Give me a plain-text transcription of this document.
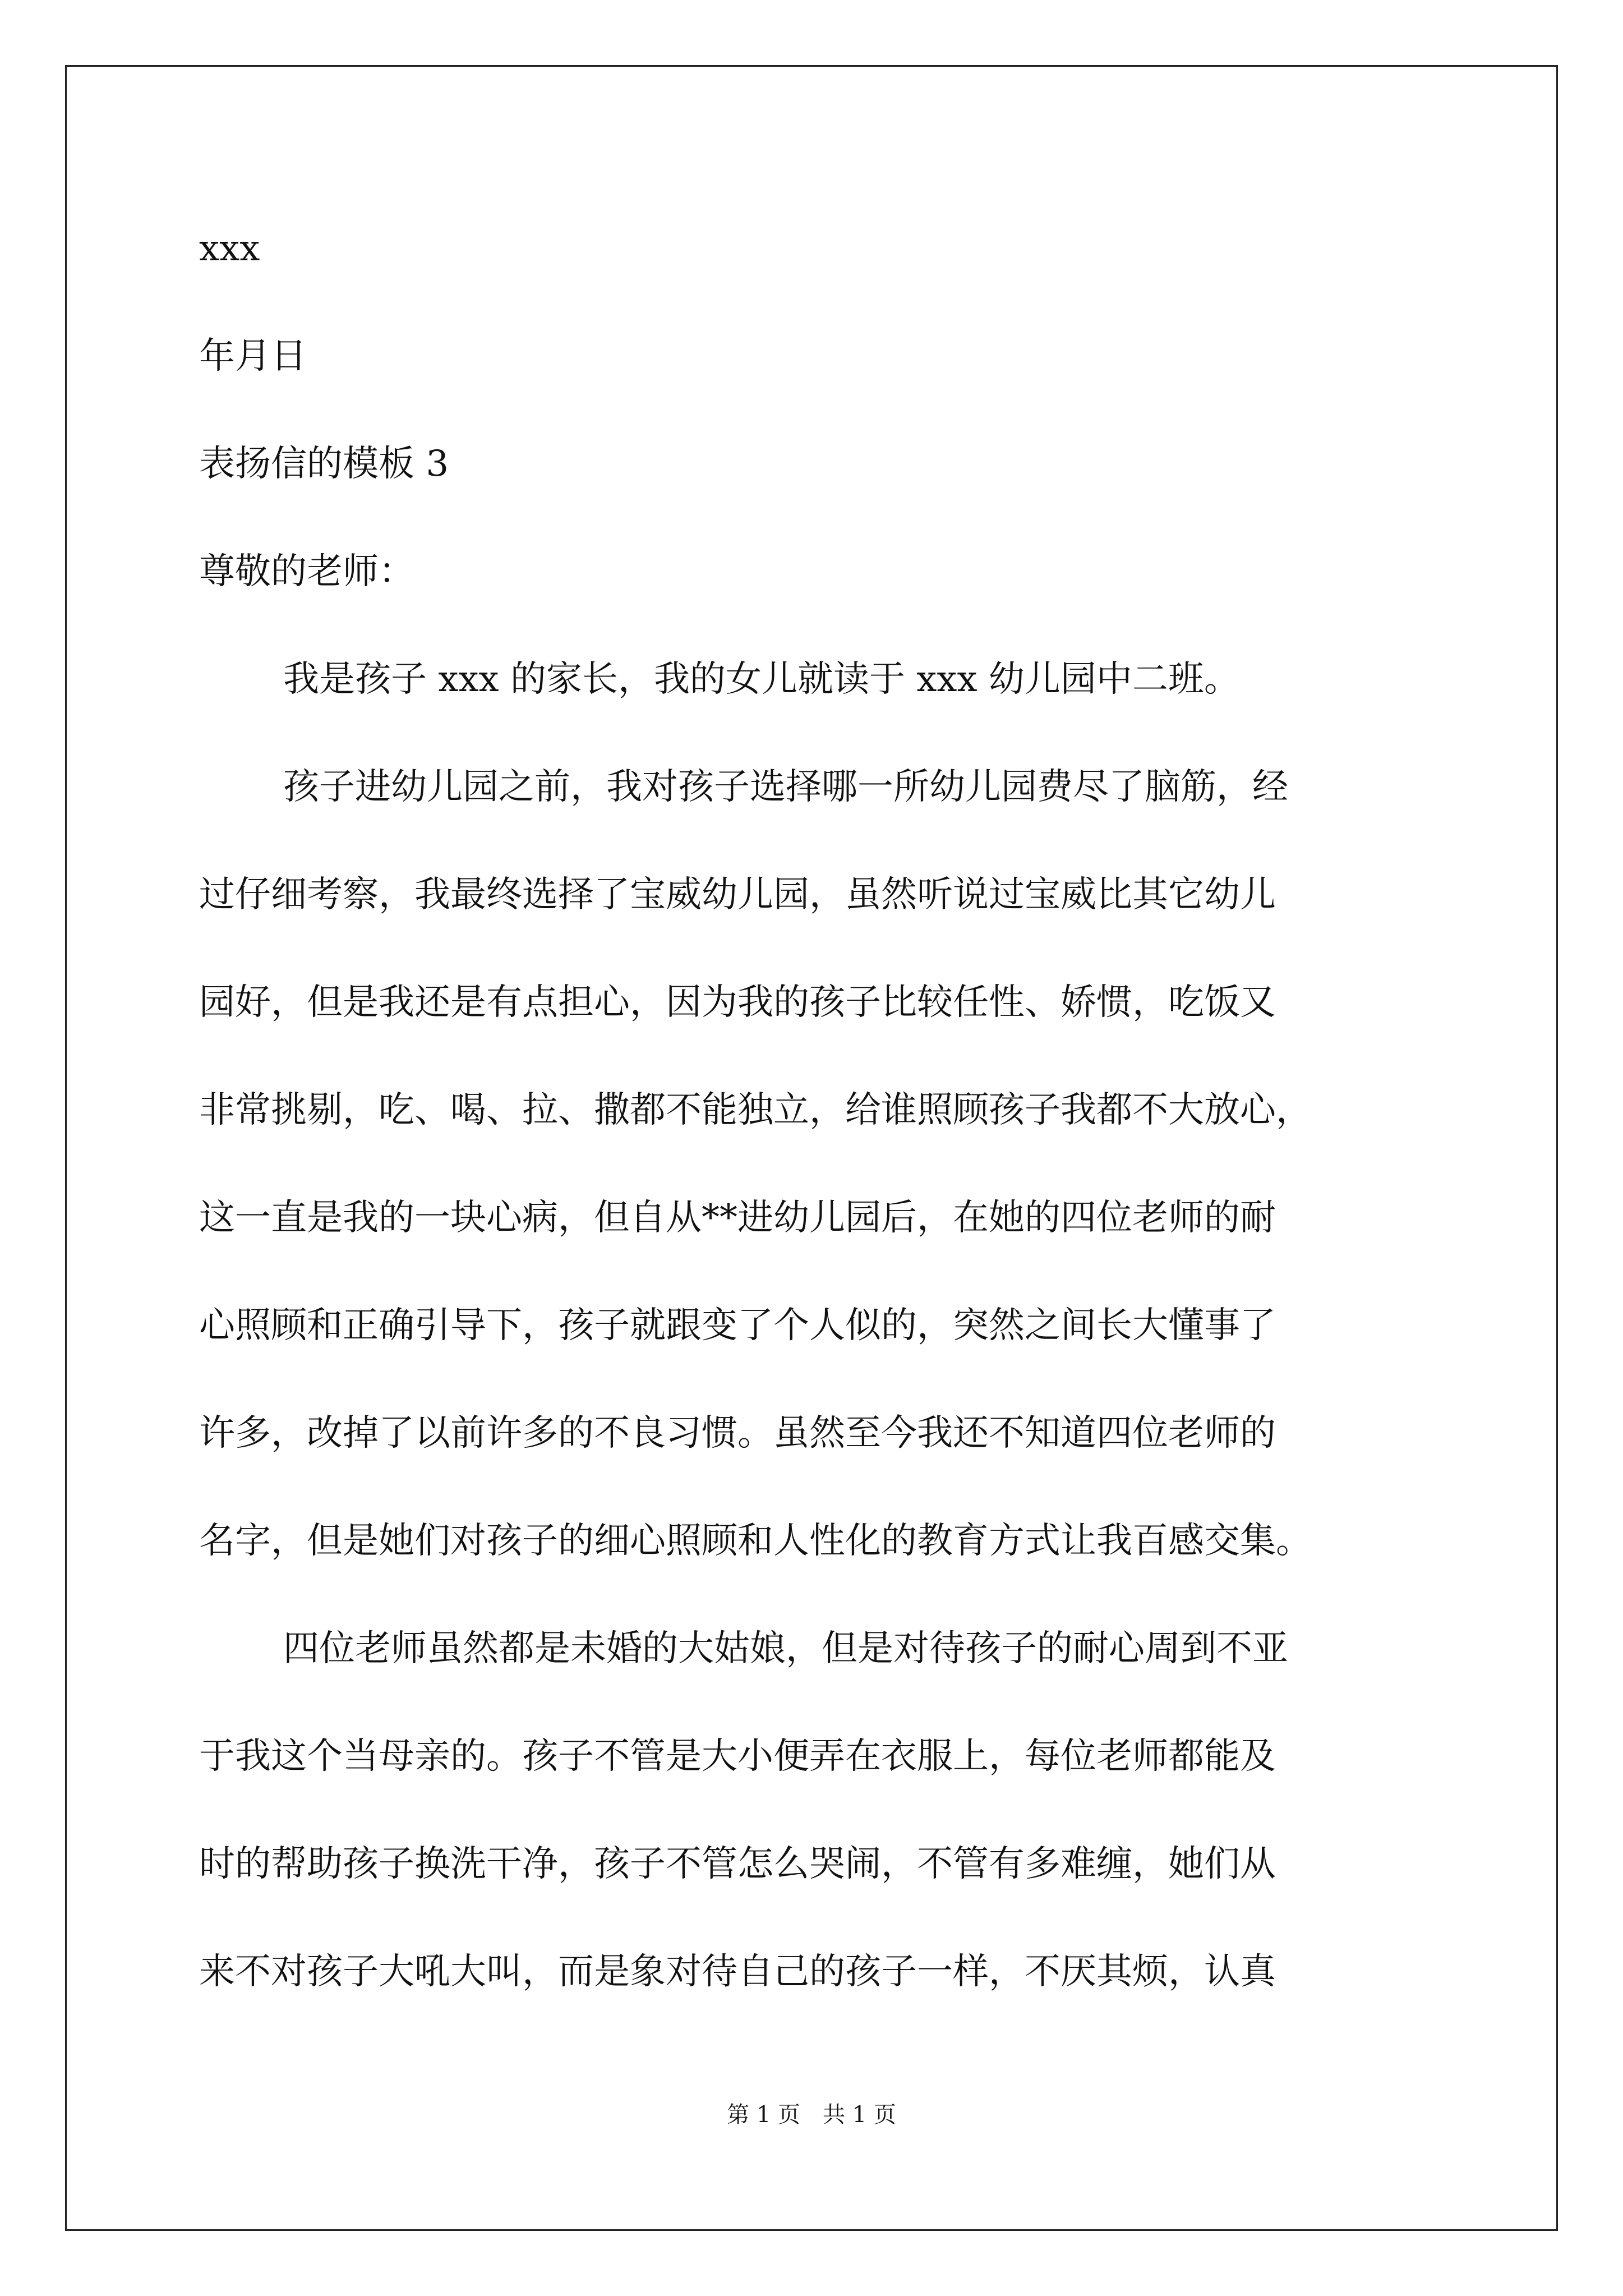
xxx
年月日
表扬信的模板 3
尊敬的老师：
我是孩子 xxx 的家长，我的女儿就读于 xxx 幼儿园中二班。
孩子进幼儿园之前，我对孩子选择哪一所幼儿园费尽了脑筋，经
过仔细考察，我最终选择了宝威幼儿园，虽然听说过宝威比其它幼儿
园好，但是我还是有点担心，因为我的孩子比较任性、娇惯，吃饭又
非常挑剔，吃、喝、拉、撒都不能独立，给谁照顾孩子我都不大放心，
这一直是我的一块心病，但自从**进幼儿园后，在她的四位老师的耐
心照顾和正确引导下，孩子就跟变了个人似的，突然之间长大懂事了
许多，改掉了以前许多的不良习惯。虽然至今我还不知道四位老师的
名字，但是她们对孩子的细心照顾和人性化的教育方式让我百感交集。
四位老师虽然都是未婚的大姑娘，但是对待孩子的耐心周到不亚
于我这个当母亲的。孩子不管是大小便弄在衣服上，每位老师都能及
时的帮助孩子换洗干净，孩子不管怎么哭闹，不管有多难缠，她们从
来不对孩子大吼大叫，而是象对待自己的孩子一样，不厌其烦，认真
第 1 页　共 1 页
